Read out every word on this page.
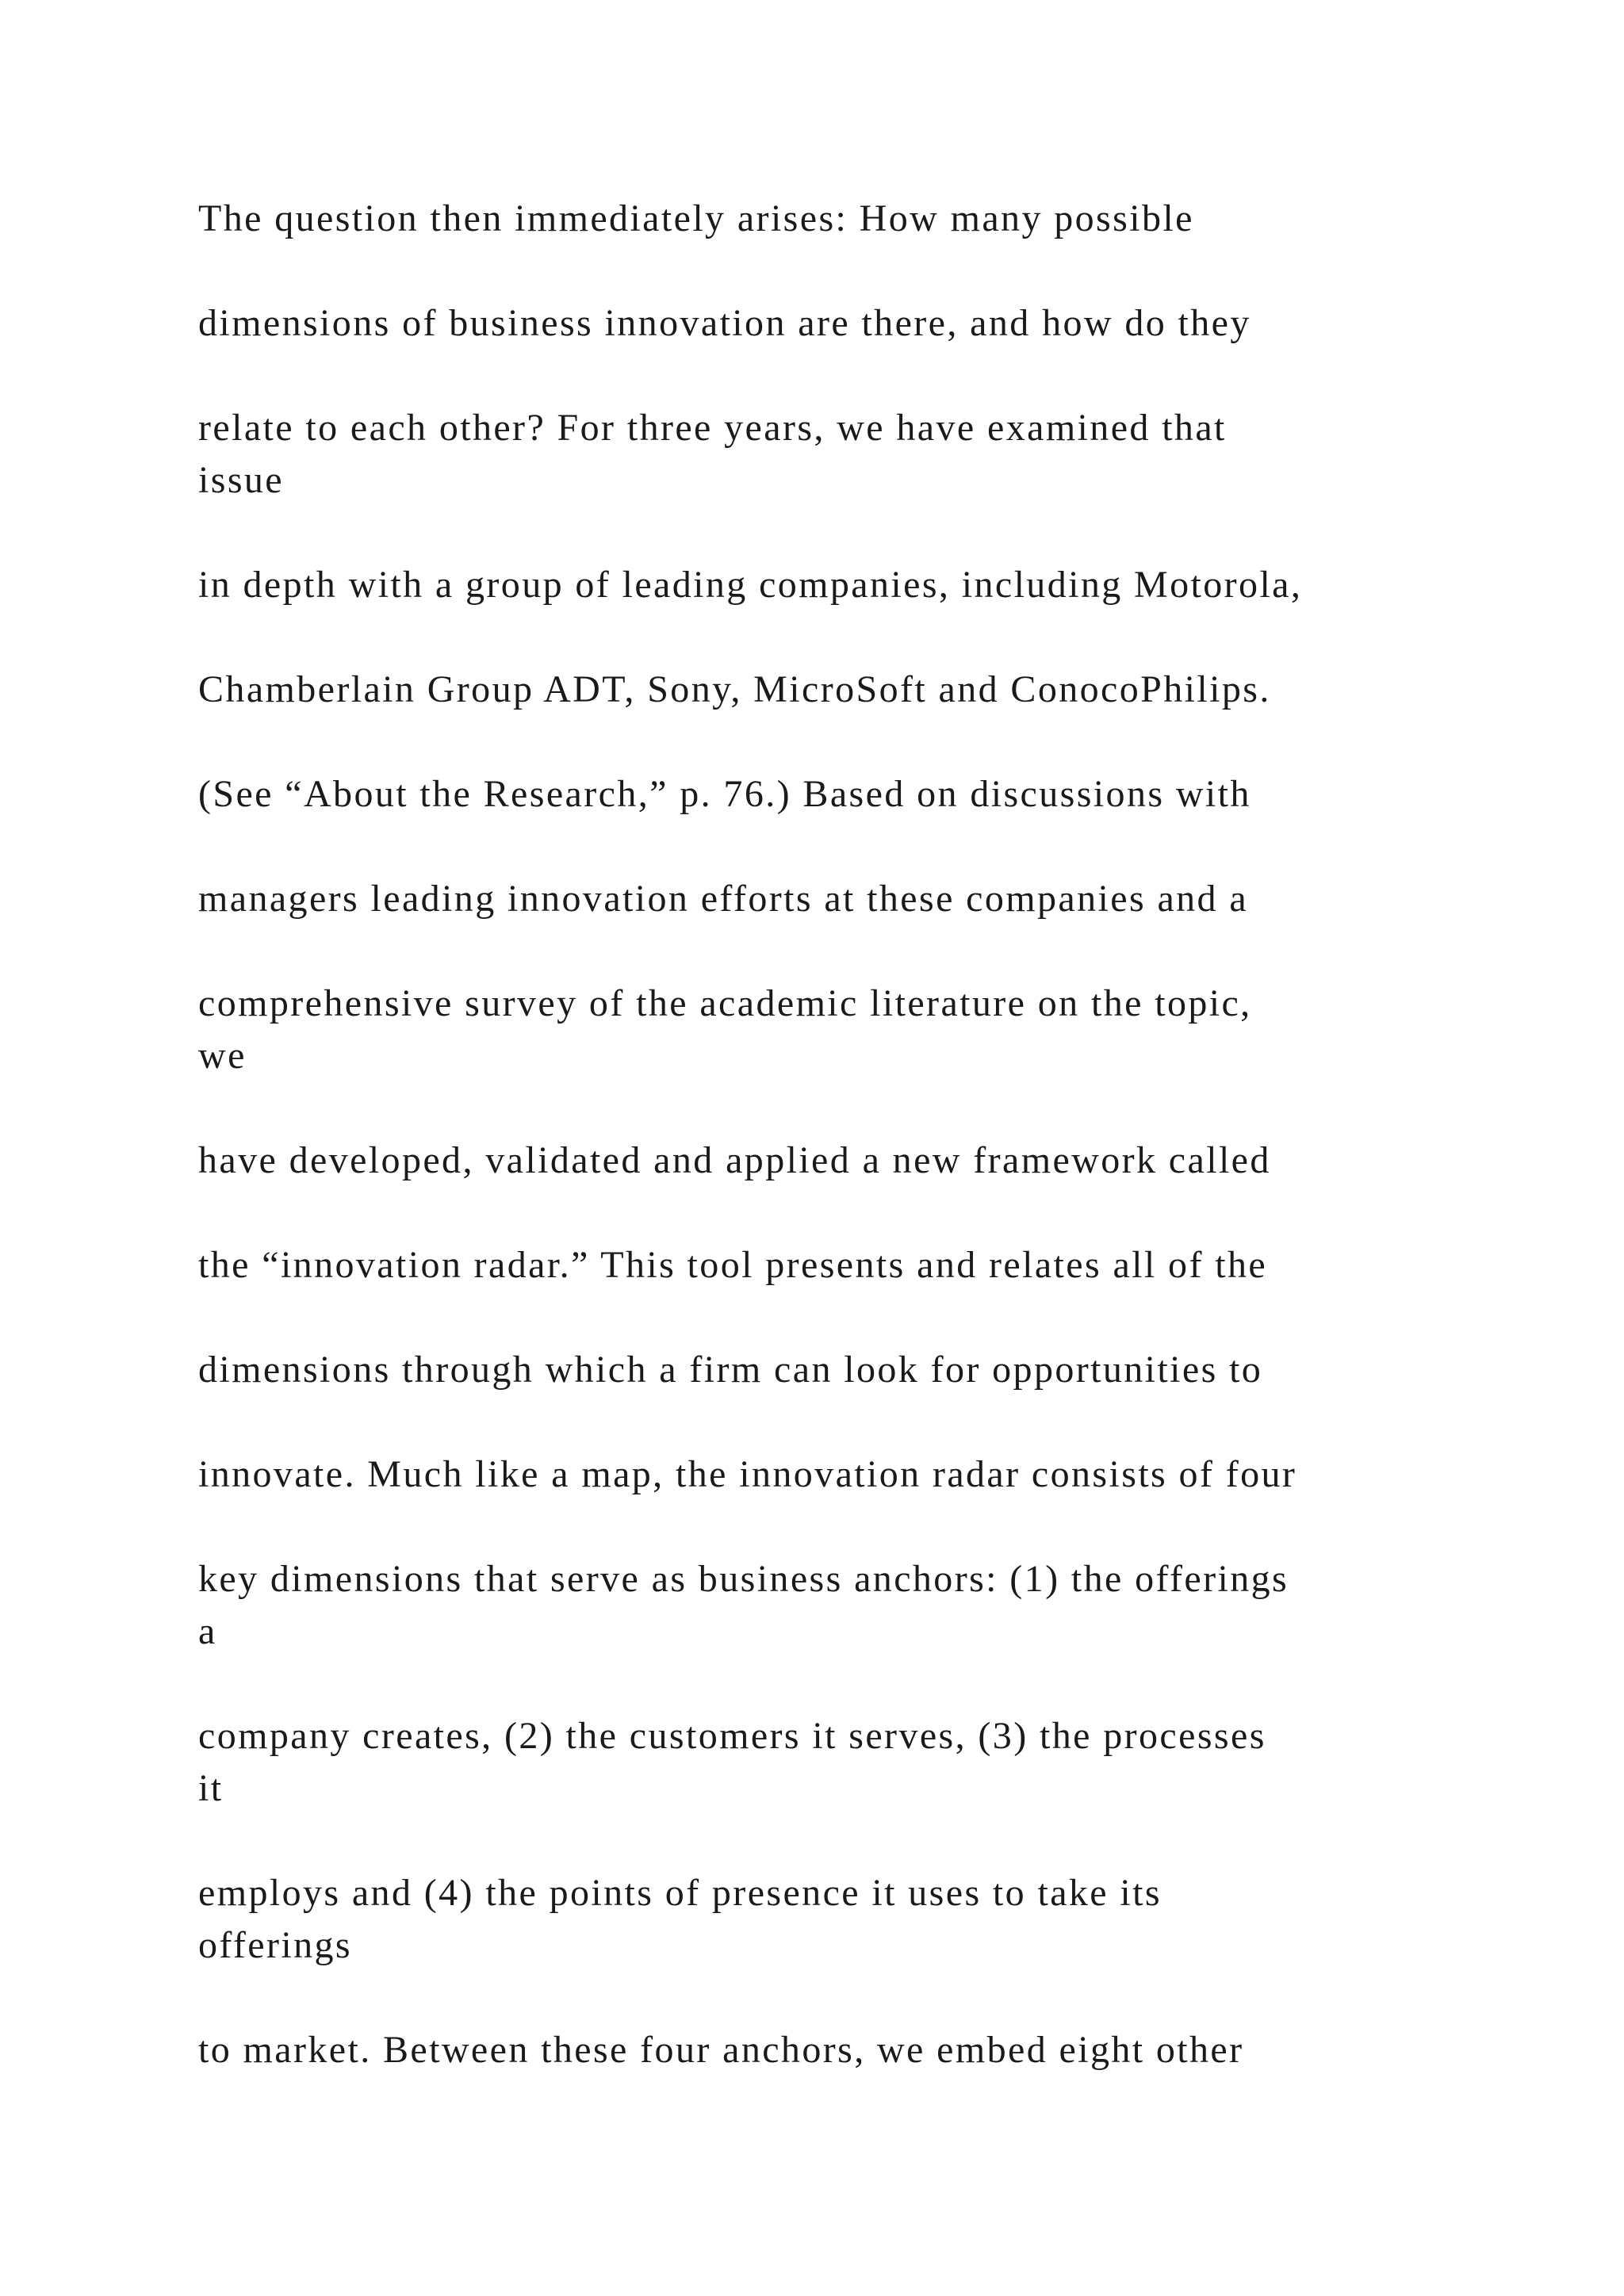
The question then immediately arises: How many possible
dimensions of business innovation are there, and how do they
relate to each other? For three years, we have examined that
issue
in depth with a group of leading companies, including Motorola,
Chamberlain Group ADT, Sony, MicroSoft and ConocoPhilips.
(See “About the Research,” p. 76.) Based on discussions with
managers leading innovation efforts at these companies and a
comprehensive survey of the academic literature on the topic,
we
have developed, validated and applied a new framework called
the “innovation radar.” This tool presents and relates all of the
dimensions through which a firm can look for opportunities to
innovate. Much like a map, the innovation radar consists of four
key dimensions that serve as business anchors: (1) the offerings
a
company creates, (2) the customers it serves, (3) the processes
it
employs and (4) the points of presence it uses to take its
offerings
to market. Between these four anchors, we embed eight other
